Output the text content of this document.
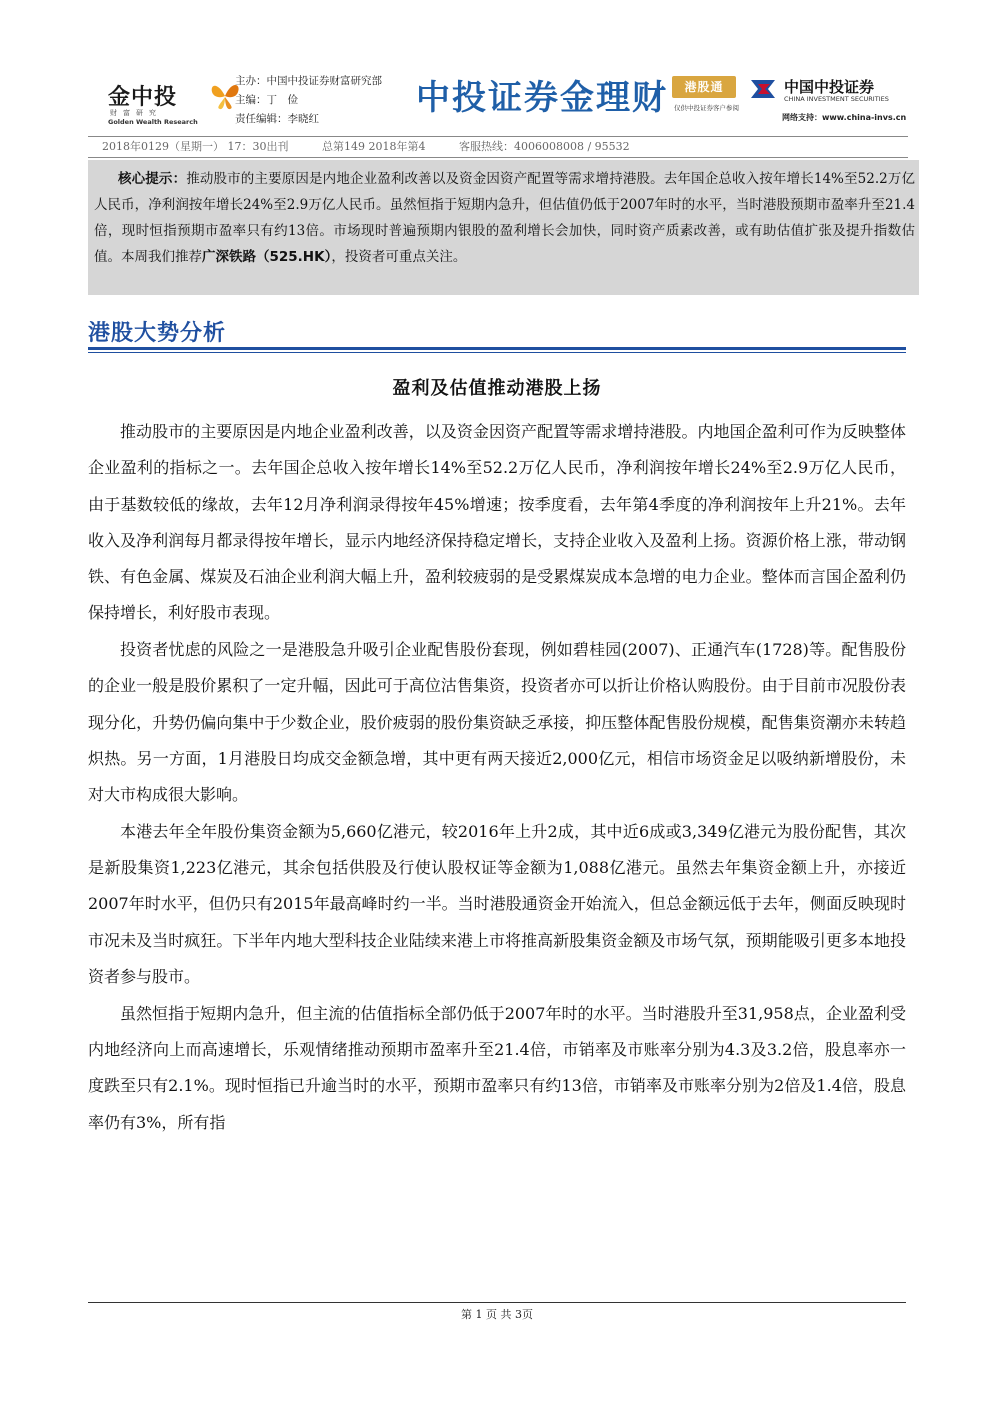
金中投
财富研究
Golden Wealth Research
主办：中国中投证券财富研究部
主编：丁　俭
责任编辑：李晓红
中投证券金理财	港股通
仅供中投证券客户参阅
中国中投证券
CHINA INVESTMENT SECURITIES
网络支持：www.china-invs.cn
2018年0129（星期一） 17：30出刊	总第149 2018年第4	客服热线：4006008008 / 95532
核心提示：推动股市的主要原因是内地企业盈利改善以及资金因资产配置等需求增持港股。去年国企总收入按年增长14%至52.2万亿人民币，净利润按年增长24%至2.9万亿人民币。虽然恒指于短期内急升，但估值仍低于2007年时的水平，当时港股预期市盈率升至21.4倍，现时恒指预期市盈率只有约13倍。市场现时普遍预期内银股的盈利增长会加快，同时资产质素改善，或有助估值扩张及提升指数估值。本周我们推荐广深铁路（525.HK），投资者可重点关注。
港股大势分析
盈利及估值推动港股上扬

推动股市的主要原因是内地企业盈利改善，以及资金因资产配置等需求增持港股。内地国企盈利可作为反映整体企业盈利的指标之一。去年国企总收入按年增长14%至52.2万亿人民币，净利润按年增长24%至2.9万亿人民币，由于基数较低的缘故，去年12月净利润录得按年45%增速；按季度看，去年第4季度的净利润按年上升21%。去年收入及净利润每月都录得按年增长，显示内地经济保持稳定增长，支持企业收入及盈利上扬。资源价格上涨，带动钢铁、有色金属、煤炭及石油企业利润大幅上升，盈利较疲弱的是受累煤炭成本急增的电力企业。整体而言国企盈利仍保持增长，利好股市表现。

投资者忧虑的风险之一是港股急升吸引企业配售股份套现，例如碧桂园(2007)、正通汽车(1728)等。配售股份的企业一般是股价累积了一定升幅，因此可于高位沽售集资，投资者亦可以折让价格认购股份。由于目前市况股份表现分化，升势仍偏向集中于少数企业，股价疲弱的股份集资缺乏承接，抑压整体配售股份规模，配售集资潮亦未转趋炽热。另一方面，1月港股日均成交金额急增，其中更有两天接近2,000亿元，相信市场资金足以吸纳新增股份，未对大市构成很大影响。

本港去年全年股份集资金额为5,660亿港元，较2016年上升2成，其中近6成或3,349亿港元为股份配售，其次是新股集资1,223亿港元，其余包括供股及行使认股权证等金额为1,088亿港元。虽然去年集资金额上升，亦接近2007年时水平，但仍只有2015年最高峰时约一半。当时港股通资金开始流入，但总金额远低于去年，侧面反映现时市况未及当时疯狂。下半年内地大型科技企业陆续来港上市将推高新股集资金额及市场气氛，预期能吸引更多本地投资者参与股市。

虽然恒指于短期内急升，但主流的估值指标全部仍低于2007年时的水平。当时港股升至31,958点，企业盈利受内地经济向上而高速增长，乐观情绪推动预期市盈率升至21.4倍，市销率及市账率分别为4.3及3.2倍，股息率亦一度跌至只有2.1%。现时恒指已升逾当时的水平，预期市盈率只有约13倍，市销率及市账率分别为2倍及1.4倍，股息率仍有3%，所有指

第 1 页 共 3页
